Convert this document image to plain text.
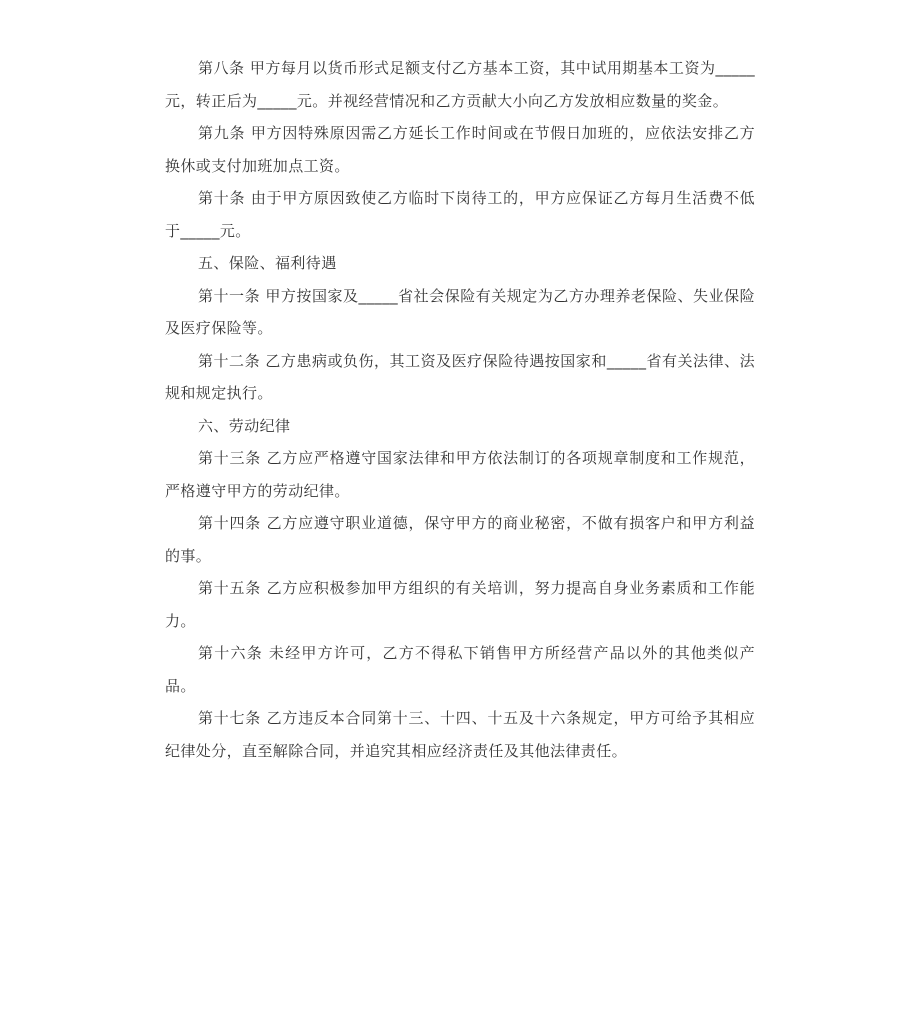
第八条 甲方每月以货币形式足额支付乙方基本工资，其中试用期基本工资为_____元，转正后为_____元。并视经营情况和乙方贡献大小向乙方发放相应数量的奖金。

第九条 甲方因特殊原因需乙方延长工作时间或在节假日加班的，应依法安排乙方换休或支付加班加点工资。

第十条 由于甲方原因致使乙方临时下岗待工的，甲方应保证乙方每月生活费不低于_____元。

五、保险、福利待遇

第十一条 甲方按国家及_____省社会保险有关规定为乙方办理养老保险、失业保险及医疗保险等。

第十二条 乙方患病或负伤，其工资及医疗保险待遇按国家和_____省有关法律、法规和规定执行。

六、劳动纪律

第十三条 乙方应严格遵守国家法律和甲方依法制订的各项规章制度和工作规范，严格遵守甲方的劳动纪律。

第十四条 乙方应遵守职业道德，保守甲方的商业秘密，不做有损客户和甲方利益的事。

第十五条 乙方应积极参加甲方组织的有关培训，努力提高自身业务素质和工作能力。

第十六条 未经甲方许可，乙方不得私下销售甲方所经营产品以外的其他类似产品。

第十七条 乙方违反本合同第十三、十四、十五及十六条规定，甲方可给予其相应纪律处分，直至解除合同，并追究其相应经济责任及其他法律责任。
